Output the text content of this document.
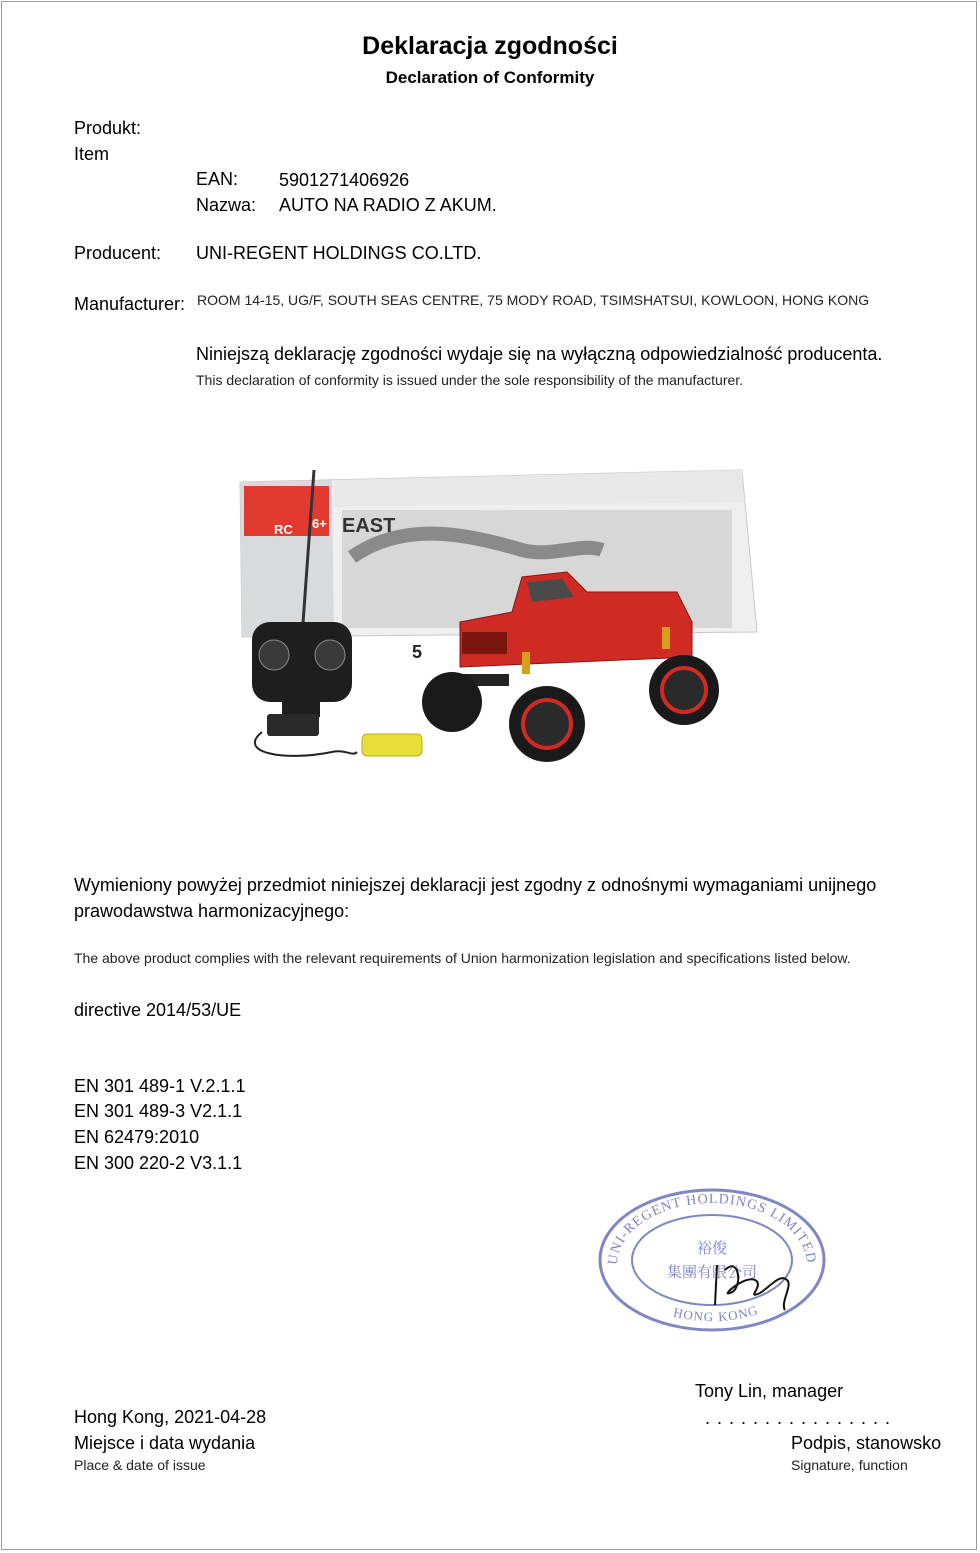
Deklaracja zgodności
Declaration of Conformity
Produkt:
Item
EAN: 5901271406926
Nazwa: AUTO NA RADIO Z AKUM.
Producent: UNI-REGENT HOLDINGS CO.LTD.
Manufacturer: ROOM 14-15, UG/F, SOUTH SEAS CENTRE, 75 MODY ROAD, TSIMSHATSUI, KOWLOON, HONG KONG
Niniejszą deklarację zgodności wydaje się na wyłączną odpowiedzialność producenta.
This declaration of conformity is issued under the sole responsibility of the manufacturer.
RC 6+ EAST
5
Wymieniony powyżej przedmiot niniejszej deklaracji jest zgodny z odnośnymi wymaganiami unijnego
prawodawstwa harmonizacyjnego:
The above product complies with the relevant requirements of Union harmonization legislation and specifications listed below.
directive 2014/53/UE
EN 301 489-1 V.2.1.1
EN 301 489-3 V2.1.1
EN 62479:2010
EN 300 220-2 V3.1.1
UNI-REGENT HOLDINGS LIMITED
HONG KONG
裕俊
集團有限公司
Tony Lin, manager
. . . . . . . . . . . . . . . .
Podpis, stanowsko
Signature, function
Hong Kong, 2021-04-28
Miejsce i data wydania
Place & date of issue
